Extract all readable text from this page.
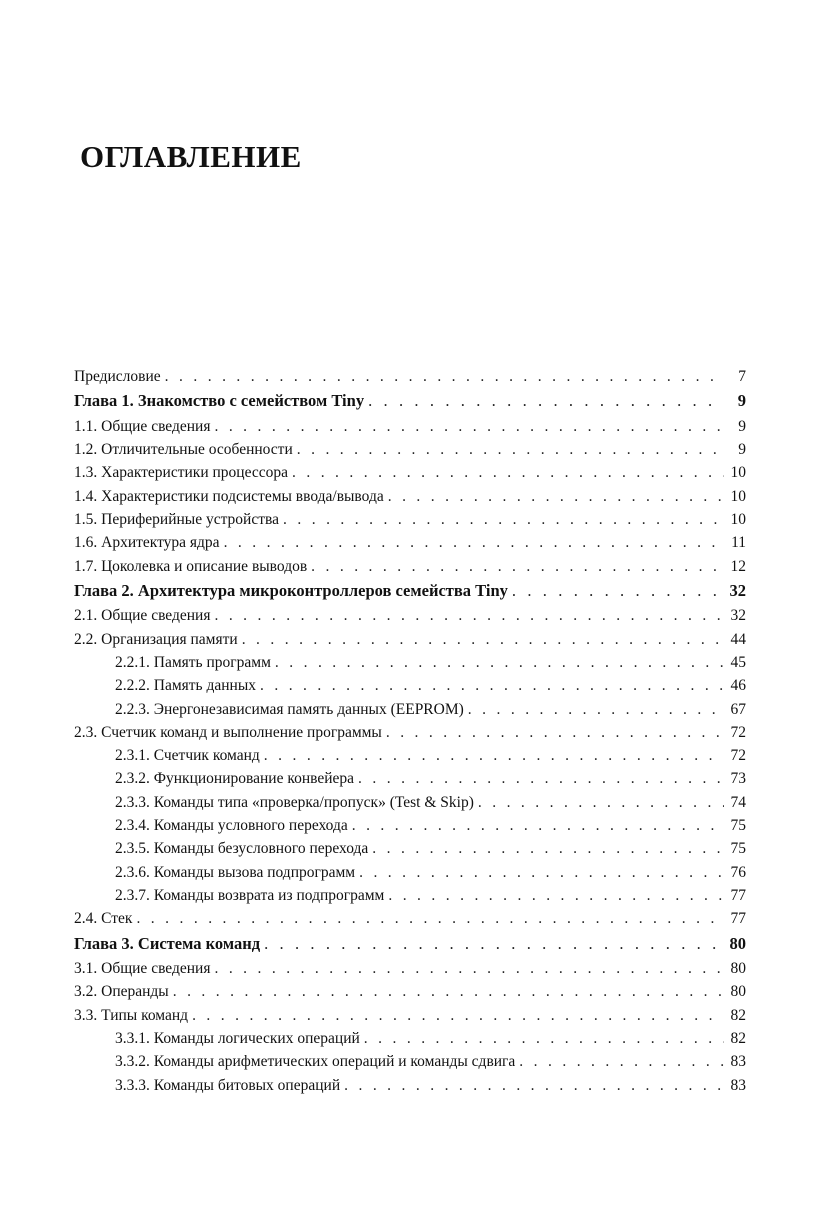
ОГЛАВЛЕНИЕ
Предисловие . . .	7
Глава 1. Знакомство с семейством Tiny . . .	9
1.1. Общие сведения . . .	9
1.2. Отличительные особенности . . .	9
1.3. Характеристики процессора . . .	10
1.4. Характеристики подсистемы ввода/вывода . . .	10
1.5. Периферийные устройства . . .	10
1.6. Архитектура ядра . . .	11
1.7. Цоколевка и описание выводов . . .	12
Глава 2. Архитектура микроконтроллеров семейства Tiny . . .	32
2.1. Общие сведения . . .	32
2.2. Организация памяти . . .	44
2.2.1. Память программ . . .	45
2.2.2. Память данных . . .	46
2.2.3. Энергонезависимая память данных (EEPROM) . . .	67
2.3. Счетчик команд и выполнение программы . . .	72
2.3.1. Счетчик команд . . .	72
2.3.2. Функционирование конвейера . . .	73
2.3.3. Команды типа «проверка/пропуск» (Test & Skip) . . .	74
2.3.4. Команды условного перехода . . .	75
2.3.5. Команды безусловного перехода . . .	75
2.3.6. Команды вызова подпрограмм . . .	76
2.3.7. Команды возврата из подпрограмм . . .	77
2.4. Стек . . .	77
Глава 3. Система команд . . .	80
3.1. Общие сведения . . .	80
3.2. Операнды . . .	80
3.3. Типы команд . . .	82
3.3.1. Команды логических операций . . .	82
3.3.2. Команды арифметических операций и команды сдвига . . .	83
3.3.3. Команды битовых операций . . .	83
